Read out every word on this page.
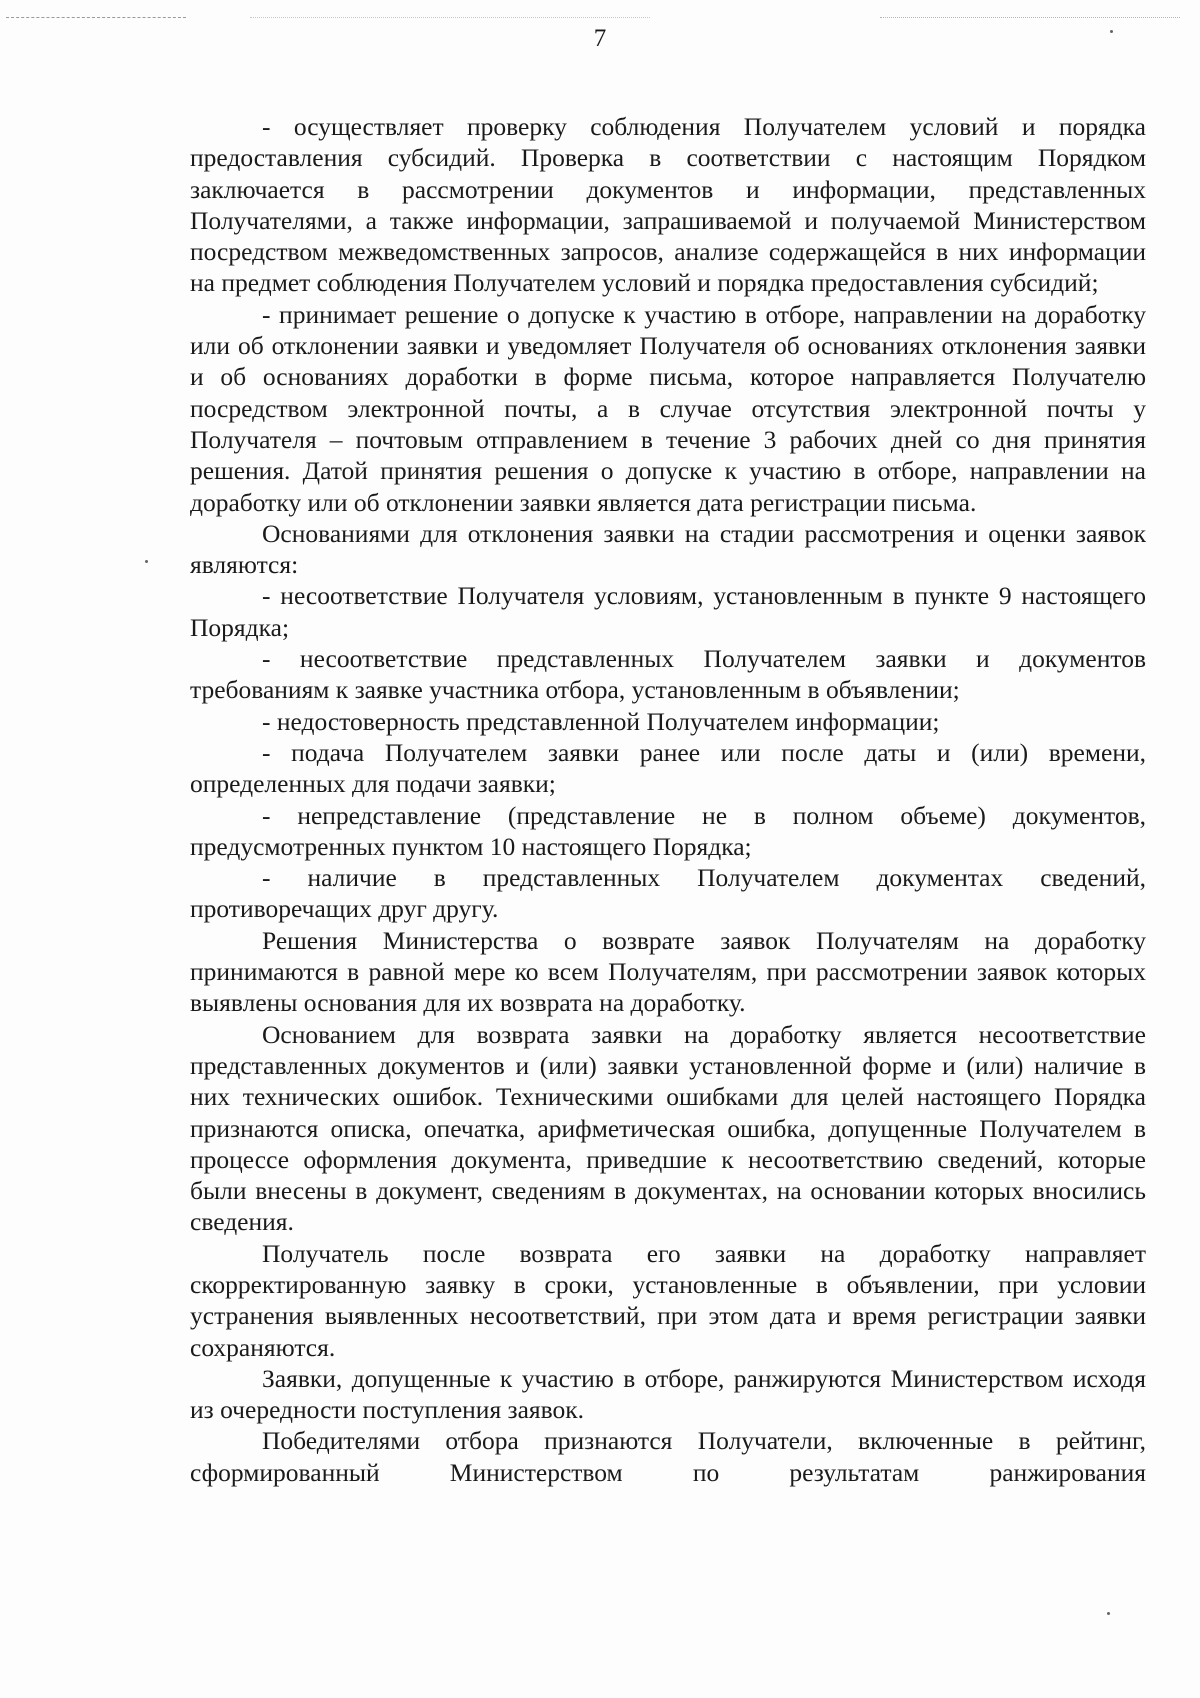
7

- осуществляет проверку соблюдения Получателем условий и порядка предоставления субсидий. Проверка в соответствии с настоящим Порядком заключается в рассмотрении документов и информации, представленных Получателями, а также информации, запрашиваемой и получаемой Министерством посредством межведомственных запросов, анализе содержащейся в них информации на предмет соблюдения Получателем условий и порядка предоставления субсидий;

- принимает решение о допуске к участию в отборе, направлении на доработку или об отклонении заявки и уведомляет Получателя об основаниях отклонения заявки и об основаниях доработки в форме письма, которое направляется Получателю посредством электронной почты, а в случае отсутствия электронной почты у Получателя – почтовым отправлением в течение 3 рабочих дней со дня принятия решения. Датой принятия решения о допуске к участию в отборе, направлении на доработку или об отклонении заявки является дата регистрации письма.

Основаниями для отклонения заявки на стадии рассмотрения и оценки заявок являются:

- несоответствие Получателя условиям, установленным в пункте 9 настоящего Порядка;

- несоответствие представленных Получателем заявки и документов требованиям к заявке участника отбора, установленным в объявлении;

- недостоверность представленной Получателем информации;

- подача Получателем заявки ранее или после даты и (или) времени, определенных для подачи заявки;

- непредставление (представление не в полном объеме) документов, предусмотренных пунктом 10 настоящего Порядка;

- наличие в представленных Получателем документах сведений, противоречащих друг другу.

Решения Министерства о возврате заявок Получателям на доработку принимаются в равной мере ко всем Получателям, при рассмотрении заявок которых выявлены основания для их возврата на доработку.

Основанием для возврата заявки на доработку является несоответствие представленных документов и (или) заявки установленной форме и (или) наличие в них технических ошибок. Техническими ошибками для целей настоящего Порядка признаются описка, опечатка, арифметическая ошибка, допущенные Получателем в процессе оформления документа, приведшие к несоответствию сведений, которые были внесены в документ, сведениям в документах, на основании которых вносились сведения.

Получатель после возврата его заявки на доработку направляет скорректированную заявку в сроки, установленные в объявлении, при условии устранения выявленных несоответствий, при этом дата и время регистрации заявки сохраняются.

Заявки, допущенные к участию в отборе, ранжируются Министерством исходя из очередности поступления заявок.

Победителями отбора признаются Получатели, включенные в рейтинг, сформированный Министерством по результатам ранжирования
